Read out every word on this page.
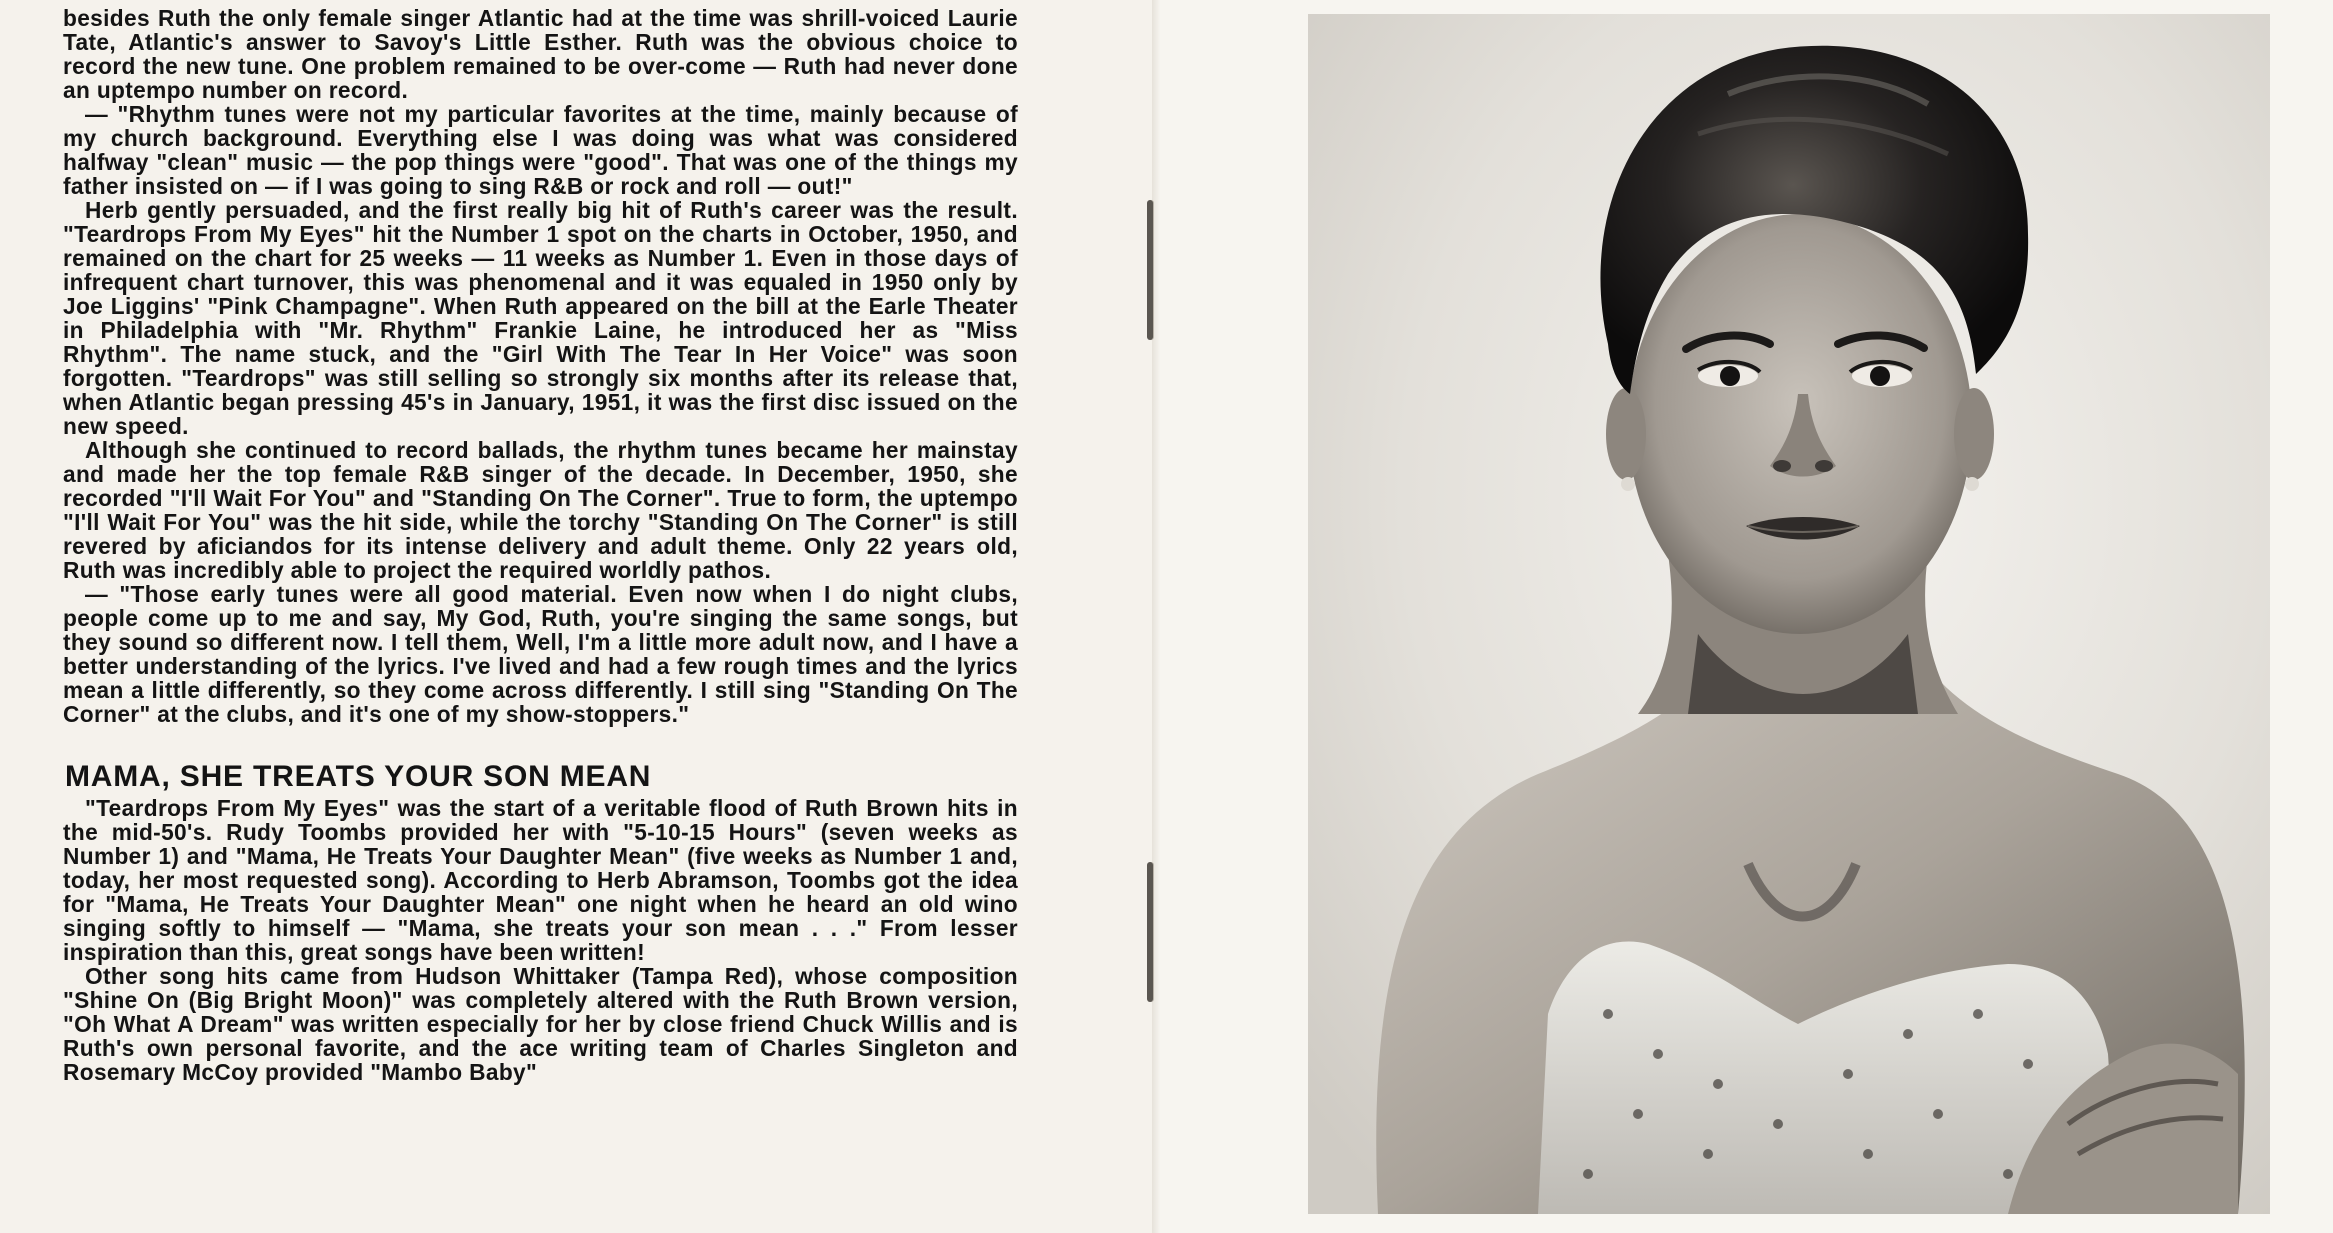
besides Ruth the only female singer Atlantic had at the time was shrill-voiced Laurie Tate, Atlantic's answer to Savoy's Little Esther. Ruth was the obvious choice to record the new tune. One problem remained to be over-come — Ruth had never done an uptempo number on record.

— "Rhythm tunes were not my particular favorites at the time, mainly because of my church background. Everything else I was doing was what was considered halfway "clean" music — the pop things were "good". That was one of the things my father insisted on — if I was going to sing R&B or rock and roll — out!"

Herb gently persuaded, and the first really big hit of Ruth's career was the result. "Teardrops From My Eyes" hit the Number 1 spot on the charts in October, 1950, and remained on the chart for 25 weeks — 11 weeks as Number 1. Even in those days of infrequent chart turnover, this was phenomenal and it was equaled in 1950 only by Joe Liggins' "Pink Champagne". When Ruth appeared on the bill at the Earle Theater in Philadelphia with "Mr. Rhythm" Frankie Laine, he introduced her as "Miss Rhythm". The name stuck, and the "Girl With The Tear In Her Voice" was soon forgotten. "Teardrops" was still selling so strongly six months after its release that, when Atlantic began pressing 45's in January, 1951, it was the first disc issued on the new speed.

Although she continued to record ballads, the rhythm tunes became her mainstay and made her the top female R&B singer of the decade. In December, 1950, she recorded "I'll Wait For You" and "Standing On The Corner". True to form, the uptempo "I'll Wait For You" was the hit side, while the torchy "Standing On The Corner" is still revered by aficiandos for its intense delivery and adult theme. Only 22 years old, Ruth was incredibly able to project the required worldly pathos.

— "Those early tunes were all good material. Even now when I do night clubs, people come up to me and say, My God, Ruth, you're singing the same songs, but they sound so different now. I tell them, Well, I'm a little more adult now, and I have a better understanding of the lyrics. I've lived and had a few rough times and the lyrics mean a little differently, so they come across differently. I still sing "Standing On The Corner" at the clubs, and it's one of my show-stoppers."

MAMA, SHE TREATS YOUR SON MEAN

"Teardrops From My Eyes" was the start of a veritable flood of Ruth Brown hits in the mid-50's. Rudy Toombs provided her with "5-10-15 Hours" (seven weeks as Number 1) and "Mama, He Treats Your Daughter Mean" (five weeks as Number 1 and, today, her most requested song). According to Herb Abramson, Toombs got the idea for "Mama, He Treats Your Daughter Mean" one night when he heard an old wino singing softly to himself — "Mama, she treats your son mean . . ." From lesser inspiration than this, great songs have been written!

Other song hits came from Hudson Whittaker (Tampa Red), whose composition "Shine On (Big Bright Moon)" was completely altered with the Ruth Brown version, "Oh What A Dream" was written especially for her by close friend Chuck Willis and is Ruth's own personal favorite, and the ace writing team of Charles Singleton and Rosemary McCoy provided "Mambo Baby"
